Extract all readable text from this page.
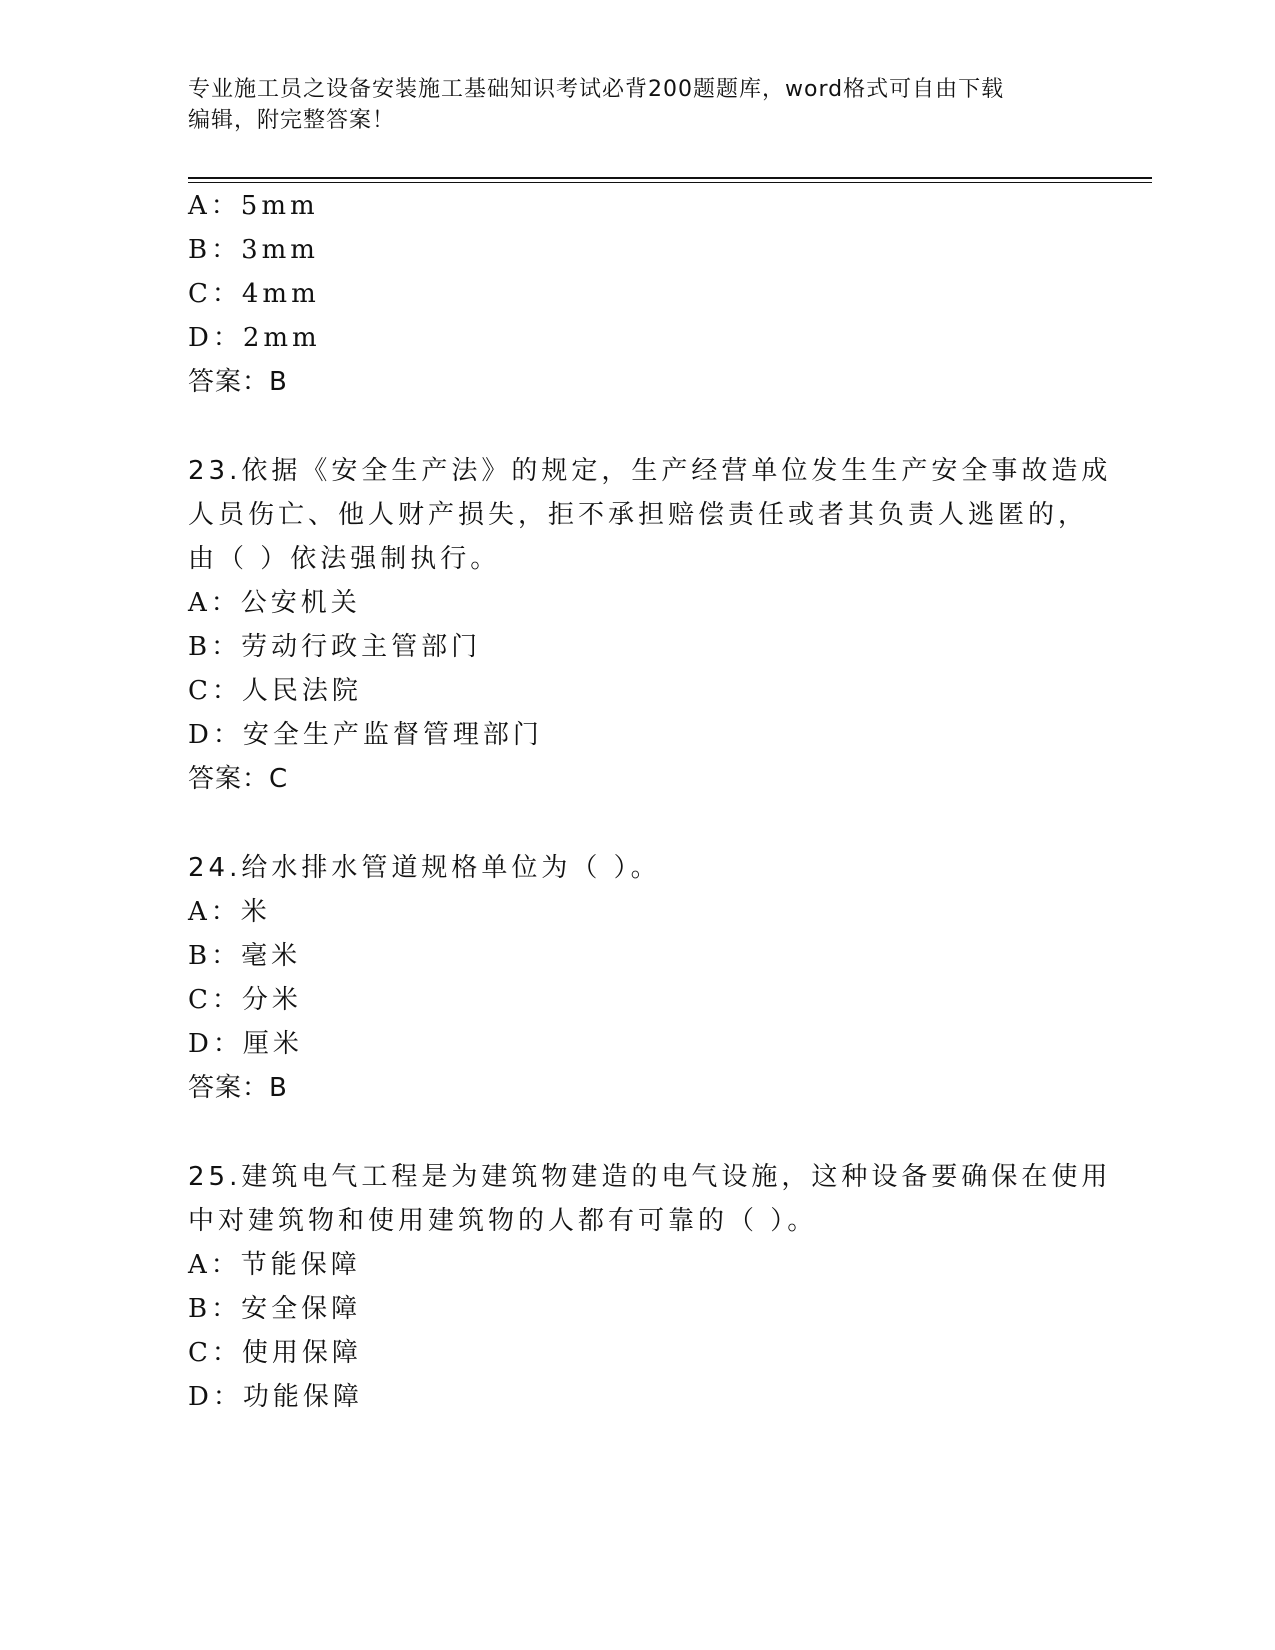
专业施工员之设备安装施工基础知识考试必背200题题库，word格式可自由下载
编辑，附完整答案！
A：5mm
B：3mm
C：4mm
D：2mm
答案：B
23.依据《安全生产法》的规定，生产经营单位发生生产安全事故造成
人员伤亡、他人财产损失，拒不承担赔偿责任或者其负责人逃匿的，
由（ ）依法强制执行。
A：公安机关
B：劳动行政主管部门
C：人民法院
D：安全生产监督管理部门
答案：C
24.给水排水管道规格单位为（ ）。
A：米
B：毫米
C：分米
D：厘米
答案：B
25.建筑电气工程是为建筑物建造的电气设施，这种设备要确保在使用
中对建筑物和使用建筑物的人都有可靠的（ ）。
A：节能保障
B：安全保障
C：使用保障
D：功能保障
